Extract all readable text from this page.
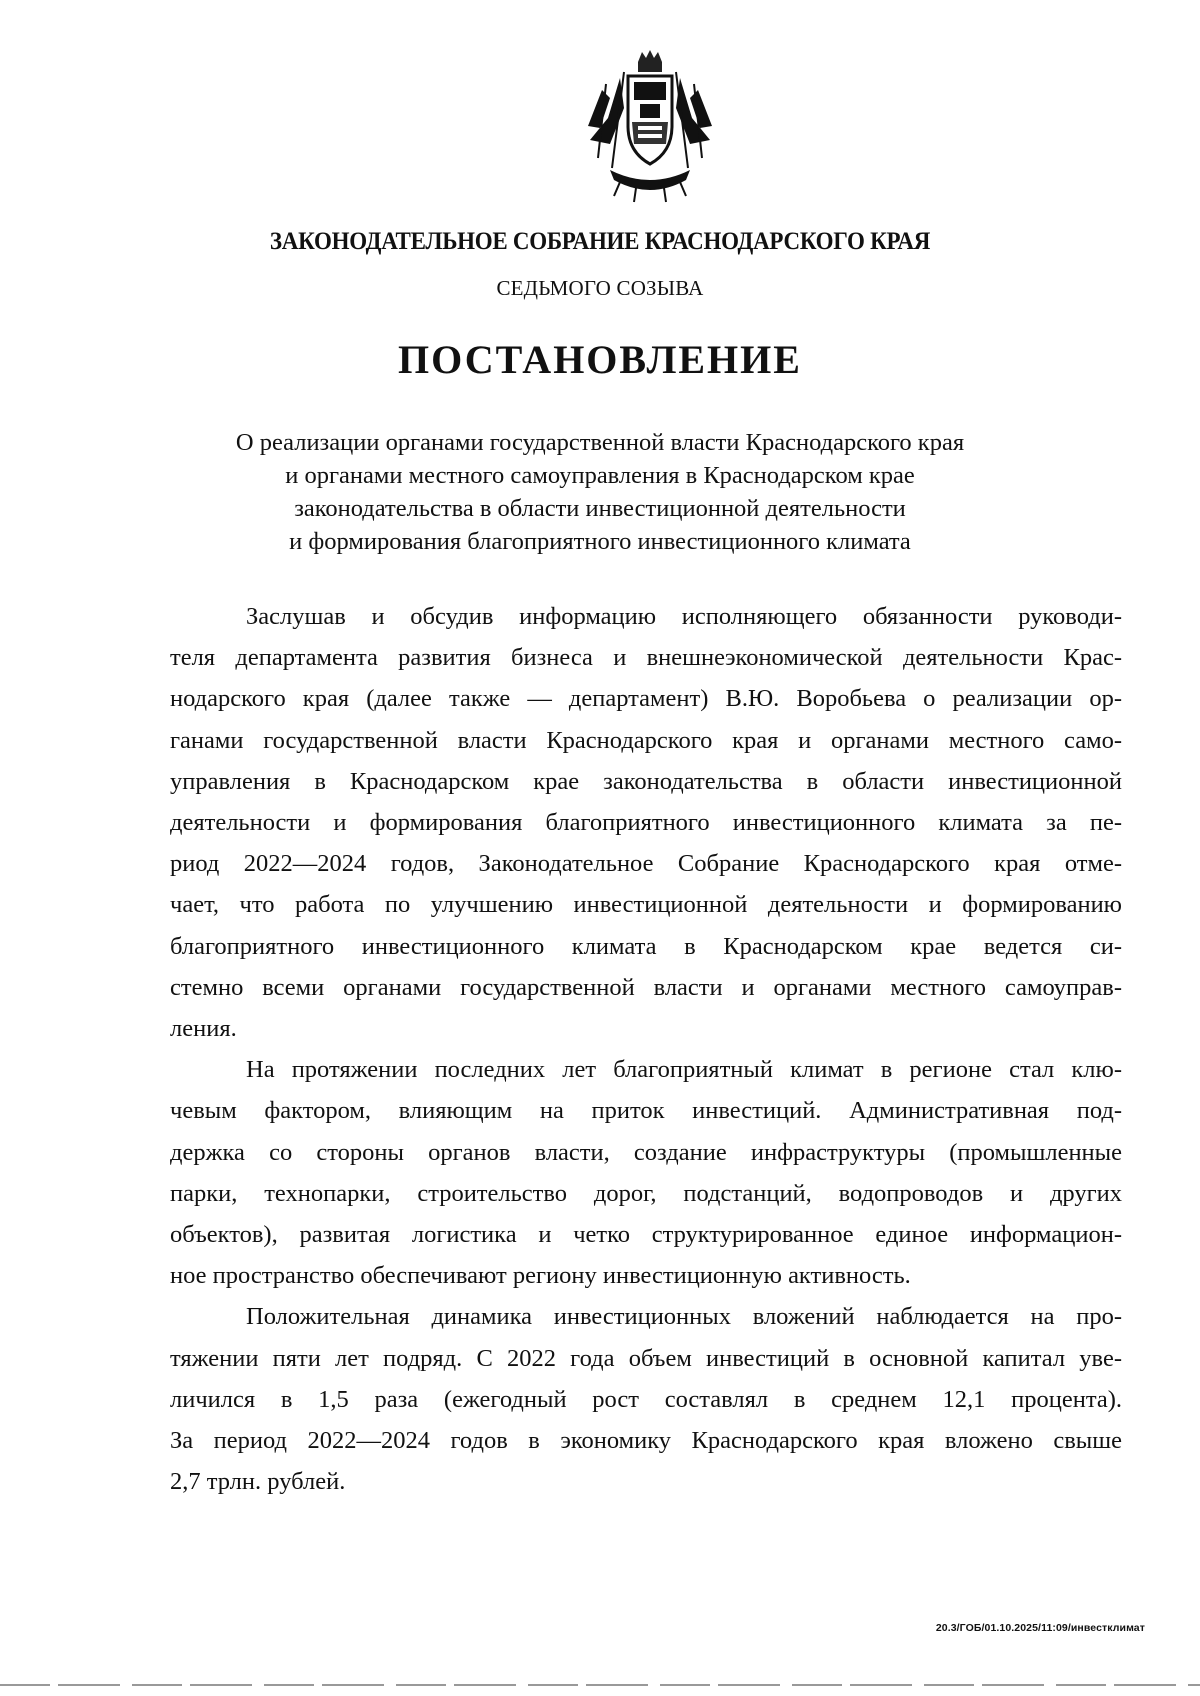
ЗАКОНОДАТЕЛЬНОЕ СОБРАНИЕ КРАСНОДАРСКОГО КРАЯ
СЕДЬМОГО СОЗЫВА
ПОСТАНОВЛЕНИЕ
О реализации органами государственной власти Краснодарского края
и органами местного самоуправления в Краснодарском крае
законодательства в области инвестиционной деятельности
и формирования благоприятного инвестиционного климата
Заслушав и обсудив информацию исполняющего обязанности руководи-
теля департамента развития бизнеса и внешнеэкономической деятельности Крас-
нодарского края (далее также — департамент) В.Ю. Воробьева о реализации ор-
ганами государственной власти Краснодарского края и органами местного само-
управления в Краснодарском крае законодательства в области инвестиционной
деятельности и формирования благоприятного инвестиционного климата за пе-
риод 2022—2024 годов, Законодательное Собрание Краснодарского края отме-
чает, что работа по улучшению инвестиционной деятельности и формированию
благоприятного инвестиционного климата в Краснодарском крае ведется си-
стемно всеми органами государственной власти и органами местного самоуправ-
ления.
На протяжении последних лет благоприятный климат в регионе стал клю-
чевым фактором, влияющим на приток инвестиций. Административная под-
держка со стороны органов власти, создание инфраструктуры (промышленные
парки, технопарки, строительство дорог, подстанций, водопроводов и других
объектов), развитая логистика и четко структурированное единое информацион-
ное пространство обеспечивают региону инвестиционную активность.
Положительная динамика инвестиционных вложений наблюдается на про-
тяжении пяти лет подряд. С 2022 года объем инвестиций в основной капитал уве-
личился в 1,5 раза (ежегодный рост составлял в среднем 12,1 процента).
За период 2022—2024 годов в экономику Краснодарского края вложено свыше
2,7 трлн. рублей.
20.3/ГОБ/01.10.2025/11:09/инвестклимат
